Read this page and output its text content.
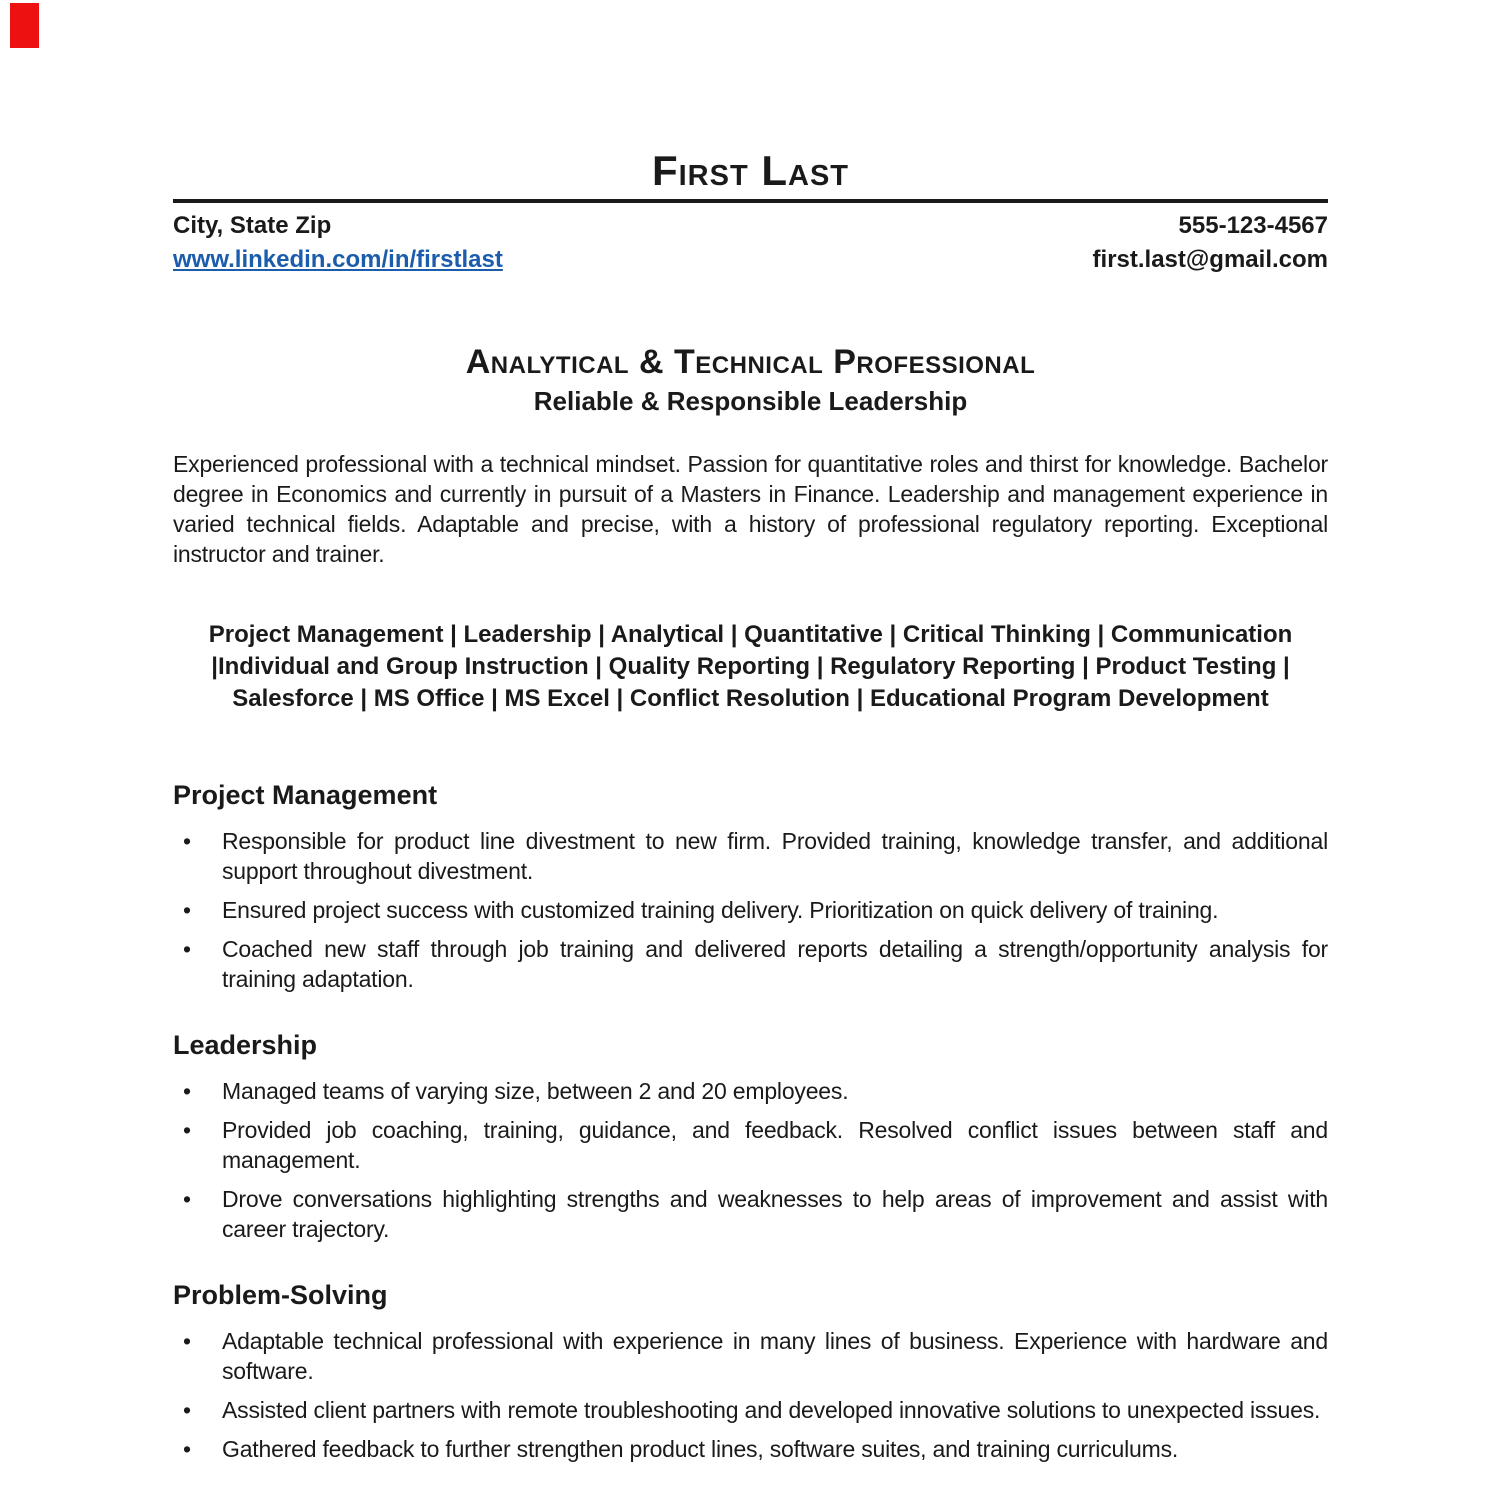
First Last
City, State Zip
www.linkedin.com/in/firstlast
555-123-4567
first.last@gmail.com
Analytical & Technical Professional
Reliable & Responsible Leadership

Experienced professional with a technical mindset. Passion for quantitative roles and thirst for knowledge. Bachelor degree in Economics and currently in pursuit of a Masters in Finance. Leadership and management experience in varied technical fields. Adaptable and precise, with a history of professional regulatory reporting. Exceptional instructor and trainer.

Project Management | Leadership | Analytical | Quantitative | Critical Thinking | Communication
|Individual and Group Instruction | Quality Reporting | Regulatory Reporting | Product Testing |
Salesforce | MS Office | MS Excel | Conflict Resolution | Educational Program Development
Project Management
• Responsible for product line divestment to new firm. Provided training, knowledge transfer, and additional support throughout divestment.
• Ensured project success with customized training delivery. Prioritization on quick delivery of training.
• Coached new staff through job training and delivered reports detailing a strength/opportunity analysis for training adaptation.
Leadership
• Managed teams of varying size, between 2 and 20 employees.
• Provided job coaching, training, guidance, and feedback. Resolved conflict issues between staff and management.
• Drove conversations highlighting strengths and weaknesses to help areas of improvement and assist with career trajectory.
Problem-Solving
• Adaptable technical professional with experience in many lines of business. Experience with hardware and software.
• Assisted client partners with remote troubleshooting and developed innovative solutions to unexpected issues.
• Gathered feedback to further strengthen product lines, software suites, and training curriculums.
